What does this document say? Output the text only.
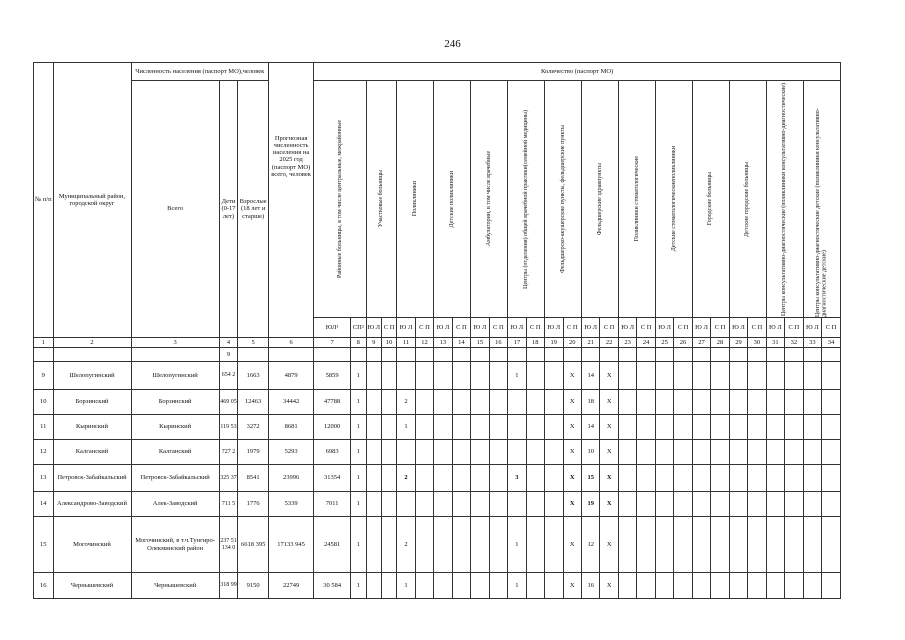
246
№ п/п	Муниципальный район, городской округ	Численность населения (паспорт МО),человек			Прогнозная численность населения на 2025 год (паспорт МО) всего, человек	Количество (паспорт МО)																											
		Всего	Дети (0-17 лет)	Взрослые (18 лет и старше)		Районные больницы, в том числе центральные, межрайонные		Участковые больницы		Поликлиники		Детские поликлиники		Амбулатории, в том числе врачебные		Центры (отделения) общей врачебной практики(семейной медицины)		Фельдшерско-акушерские пункты, фельдшерские пункты		Фельдшерские здравпункты		Поликлиники стоматологические		Детские стоматологическиеполиклиники		Городские больницы		Детские городские больницы		Центры консультативно-диагностические (поликлиники консультативно-диагностические)		Центры консультативно-диагностические детские (поликлиники консультативно-диагностические детские)	

						ЮЛ¹	СП²	Ю Л	С П	Ю Л	С П	Ю Л	С П	Ю Л	С П	Ю Л	С П	Ю Л	С П	Ю Л	С П	Ю Л	С П	Ю Л	С П	Ю Л	С П	Ю Л	С П	Ю Л	С П	Ю Л	С П
1	2	3	4	5	6	7	8	9	10	11	12	13	14	15	16	17	18	19	20	21	22	23	24	25	26	27	28	29	30	31	32	33	34
			9																														
9	Шелопугинский	Шелопугинский	654 2	1663	4879	5859	1									1			X	14	X												
10	Борзинский	Борзинский	469 05	12463	34442	47788	1			2									X	18	X												
11	Кыринский	Кыринский	119 53	3272	8681	12000	1			1									X	14	X												
12	Калганский	Калганский	727 2	1979	5293	6983	1												X	10	X												
13	Петровск-Забайкальский	Петровск-Забайкальский	325 37	8541	23996	31354	1			2						3			X	15	X												
14	Александрово-Заводский	Алек-Заводский	711 5	1776	5339	7011	1												X	19	X												
15	Могочинский	Могочинский, в т.ч.Тунгиро-Олекминский район	237 51 134 0	6618 395	17133 945	24581	1			2						1			X	12	X												
16	Чернышевский	Чернышевский	318 99	9150	22749	30 584	1			1						1			X	16	X												
